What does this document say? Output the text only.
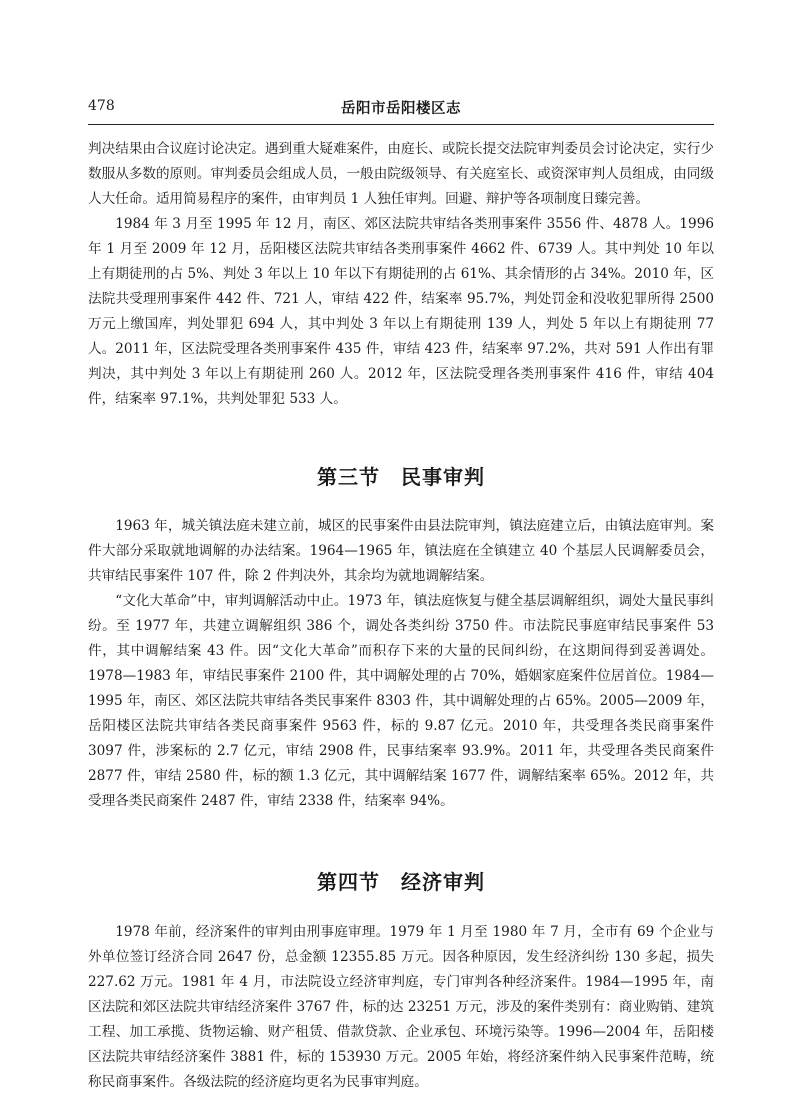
478	岳阳市岳阳楼区志

判决结果由合议庭讨论决定。遇到重大疑难案件，由庭长、或院长提交法院审判委员会讨论决定，实行少数服从多数的原则。审判委员会组成人员，一般由院级领导、有关庭室长、或资深审判人员组成，由同级人大任命。适用简易程序的案件，由审判员 1 人独任审判。回避、辩护等各项制度日臻完善。

1984 年 3 月至 1995 年 12 月，南区、郊区法院共审结各类刑事案件 3556 件、4878 人。1996 年 1 月至 2009 年 12 月，岳阳楼区法院共审结各类刑事案件 4662 件、6739 人。其中判处 10 年以上有期徒刑的占 5%、判处 3 年以上 10 年以下有期徒刑的占 61%、其余情形的占 34%。2010 年，区法院共受理刑事案件 442 件、721 人，审结 422 件，结案率 95.7%，判处罚金和没收犯罪所得 2500 万元上缴国库，判处罪犯 694 人，其中判处 3 年以上有期徒刑 139 人，判处 5 年以上有期徒刑 77 人。2011 年，区法院受理各类刑事案件 435 件，审结 423 件，结案率 97.2%，共对 591 人作出有罪判决，其中判处 3 年以上有期徒刑 260 人。2012 年，区法院受理各类刑事案件 416 件，审结 404 件，结案率 97.1%，共判处罪犯 533 人。

第三节　民事审判

1963 年，城关镇法庭未建立前，城区的民事案件由县法院审判，镇法庭建立后，由镇法庭审判。案件大部分采取就地调解的办法结案。1964—1965 年，镇法庭在全镇建立 40 个基层人民调解委员会，共审结民事案件 107 件，除 2 件判决外，其余均为就地调解结案。

“文化大革命”中，审判调解活动中止。1973 年，镇法庭恢复与健全基层调解组织，调处大量民事纠纷。至 1977 年，共建立调解组织 386 个，调处各类纠纷 3750 件。市法院民事庭审结民事案件 53 件，其中调解结案 43 件。因“文化大革命”而积存下来的大量的民间纠纷，在这期间得到妥善调处。1978—1983 年，审结民事案件 2100 件，其中调解处理的占 70%，婚姻家庭案件位居首位。1984—1995 年，南区、郊区法院共审结各类民事案件 8303 件，其中调解处理的占 65%。2005—2009 年，岳阳楼区法院共审结各类民商事案件 9563 件，标的 9.87 亿元。2010 年，共受理各类民商事案件 3097 件，涉案标的 2.7 亿元，审结 2908 件，民事结案率 93.9%。2011 年，共受理各类民商案件 2877 件，审结 2580 件，标的额 1.3 亿元，其中调解结案 1677 件，调解结案率 65%。2012 年，共受理各类民商案件 2487 件，审结 2338 件，结案率 94%。

第四节　经济审判

1978 年前，经济案件的审判由刑事庭审理。1979 年 1 月至 1980 年 7 月，全市有 69 个企业与外单位签订经济合同 2647 份，总金额 12355.85 万元。因各种原因，发生经济纠纷 130 多起，损失 227.62 万元。1981 年 4 月，市法院设立经济审判庭，专门审判各种经济案件。1984—1995 年，南区法院和郊区法院共审结经济案件 3767 件，标的达 23251 万元，涉及的案件类别有：商业购销、建筑工程、加工承揽、货物运输、财产租赁、借款贷款、企业承包、环境污染等。1996—2004 年，岳阳楼区法院共审结经济案件 3881 件，标的 153930 万元。2005 年始，将经济案件纳入民事案件范畴，统称民商事案件。各级法院的经济庭均更名为民事审判庭。
